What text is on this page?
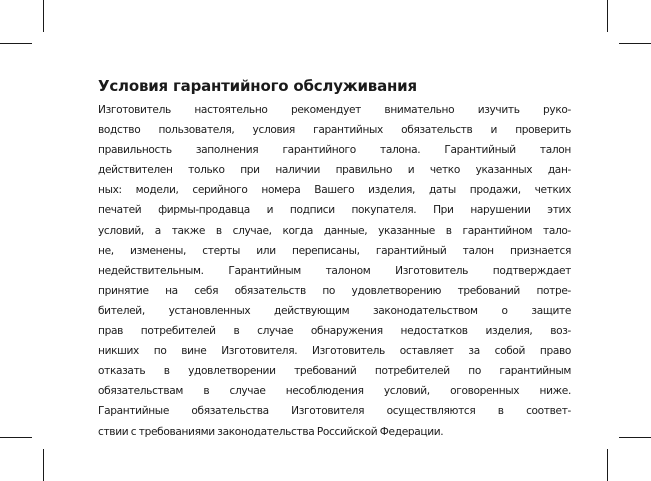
Условия гарантийного обслуживания
Изготовитель настоятельно рекомендует внимательно изучить руко-
водство пользователя, условия гарантийных обязательств и проверить
правильность заполнения гарантийного талона. Гарантийный талон
действителен только при наличии правильно и четко указанных дан-
ных: модели, серийного номера Вашего изделия, даты продажи, четких
печатей фирмы-продавца и подписи покупателя. При нарушении этих
условий, а также в случае, когда данные, указанные в гарантийном тало-
не, изменены, стерты или переписаны, гарантийный талон признается
недействительным. Гарантийным талоном Изготовитель подтверждает
принятие на себя обязательств по удовлетворению требований потре-
бителей, установленных действующим законодательством о защите
прав потребителей в случае обнаружения недостатков изделия, воз-
никших по вине Изготовителя. Изготовитель оставляет за собой право
отказать в удовлетворении требований потребителей по гарантийным
обязательствам в случае несоблюдения условий, оговоренных ниже.
Гарантийные обязательства Изготовителя осуществляются в соответ-
ствии с требованиями законодательства Российской Федерации.
